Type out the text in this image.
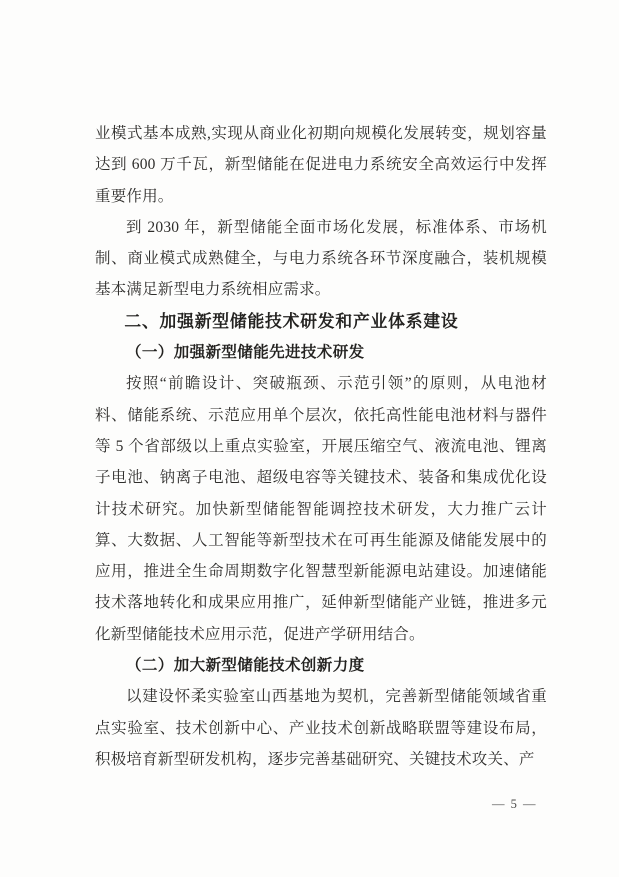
业模式基本成熟,实现从商业化初期向规模化发展转变，规划容量达到 600 万千瓦，新型储能在促进电力系统安全高效运行中发挥重要作用。

到 2030 年，新型储能全面市场化发展，标准体系、市场机制、商业模式成熟健全，与电力系统各环节深度融合，装机规模基本满足新型电力系统相应需求。

二、加强新型储能技术研发和产业体系建设

（一）加强新型储能先进技术研发

按照“前瞻设计、突破瓶颈、示范引领”的原则，从电池材料、储能系统、示范应用单个层次，依托高性能电池材料与器件等 5 个省部级以上重点实验室，开展压缩空气、液流电池、锂离子电池、钠离子电池、超级电容等关键技术、装备和集成优化设计技术研究。加快新型储能智能调控技术研发，大力推广云计算、大数据、人工智能等新型技术在可再生能源及储能发展中的应用，推进全生命周期数字化智慧型新能源电站建设。加速储能技术落地转化和成果应用推广，延伸新型储能产业链，推进多元化新型储能技术应用示范，促进产学研用结合。

（二）加大新型储能技术创新力度

以建设怀柔实验室山西基地为契机，完善新型储能领域省重点实验室、技术创新中心、产业技术创新战略联盟等建设布局，积极培育新型研发机构，逐步完善基础研究、关键技术攻关、产

— 5 —
